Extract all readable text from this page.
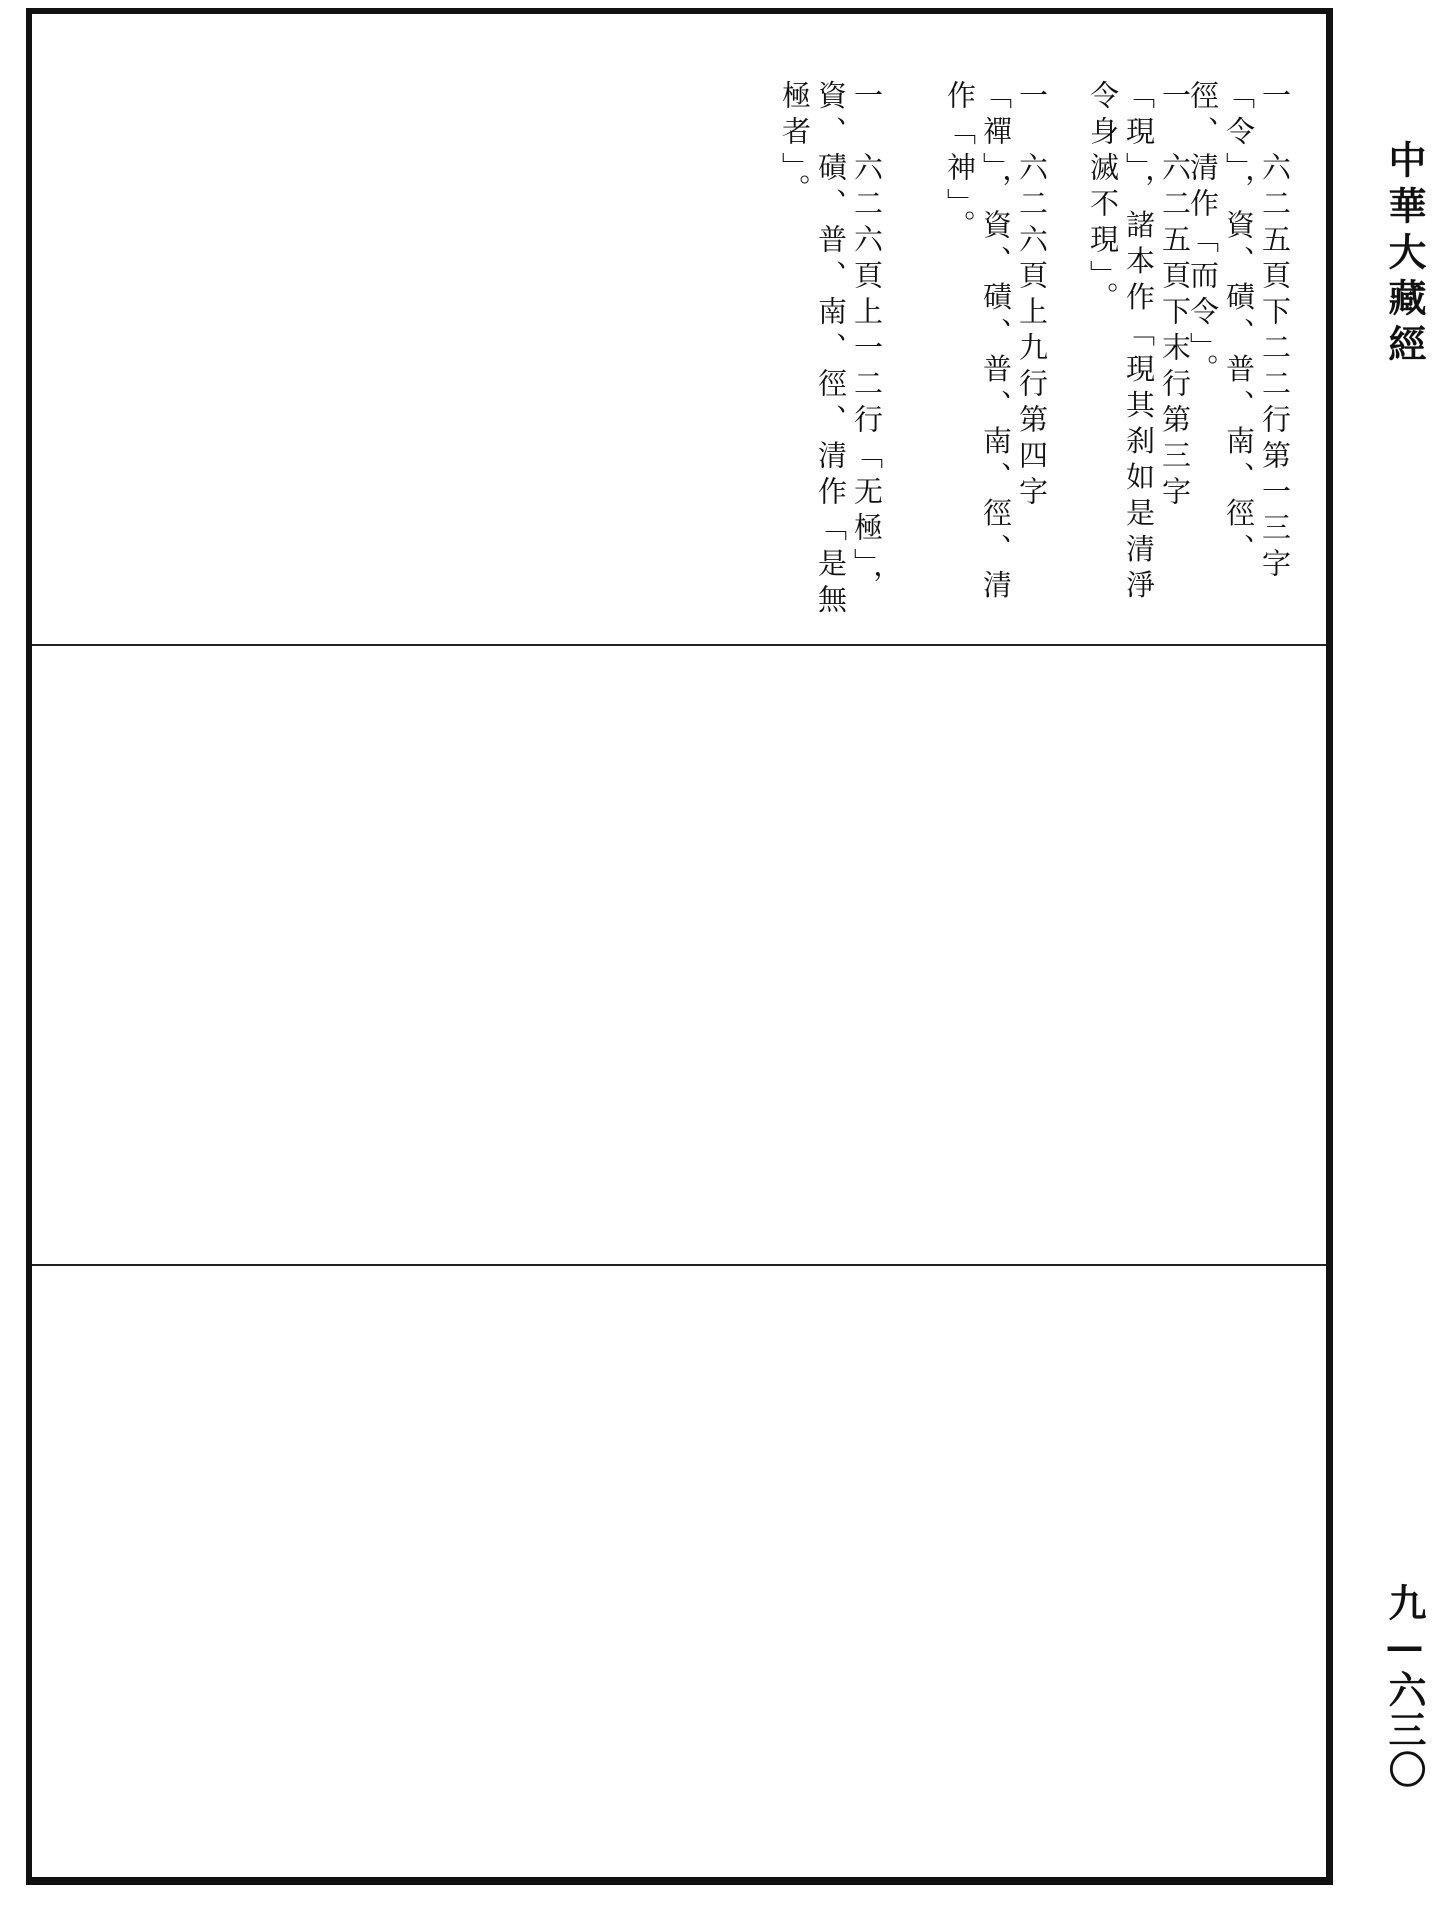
一　六二五頁下二二行第一三字「令」，資、磧、普、南、徑、徑、清作「而令」。
一　六二五頁下末行第三字「現」，諸本作「現其刹如是清淨令身滅不現」。
一　六二六頁上九行第四字「禪」，資、磧、普、南、徑、清作「神」。
一　六二六頁上一二行「无極」，資、磧、普、南、徑、清作「是無極者」。	中華大藏經
九—六三〇
